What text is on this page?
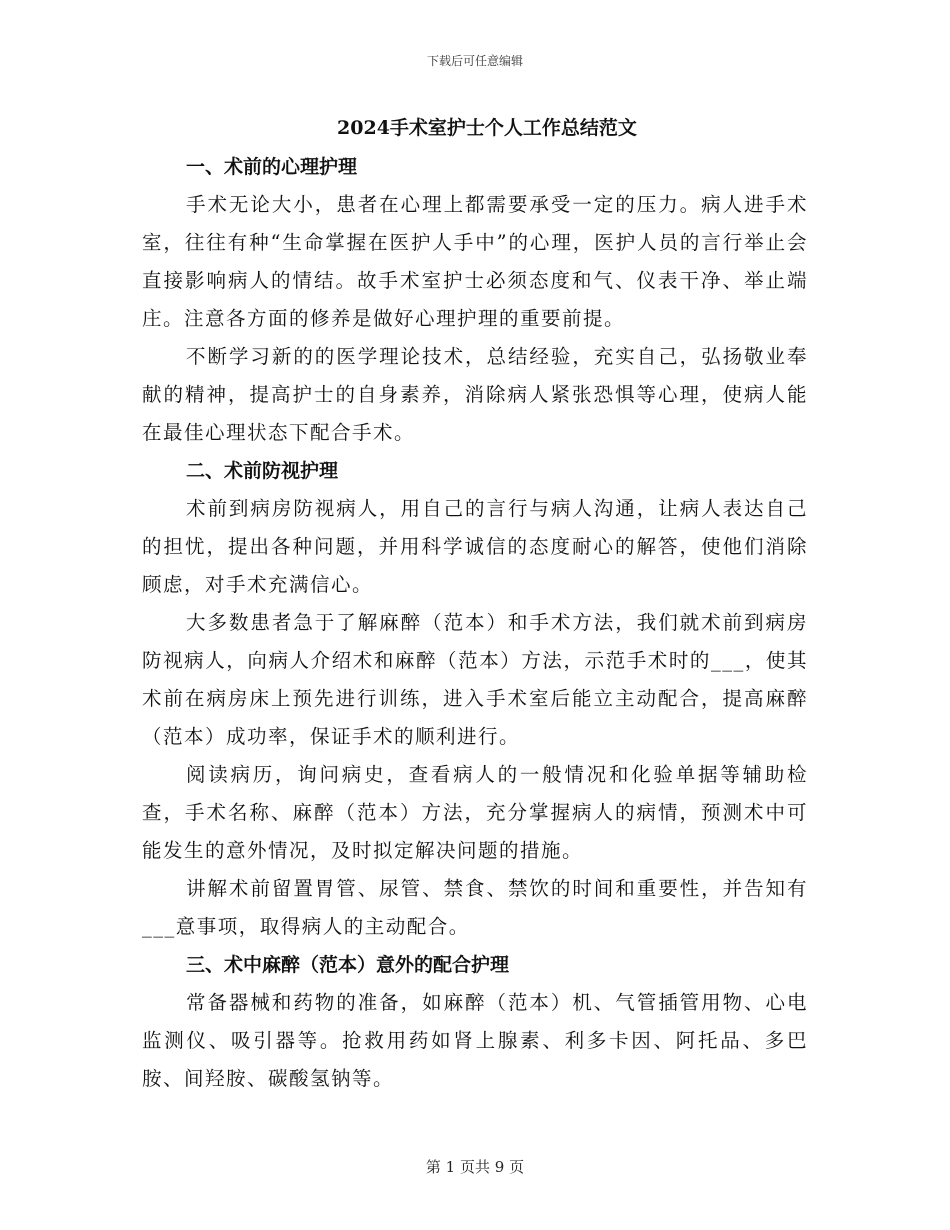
下载后可任意编辑
2024手术室护士个人工作总结范文
一、术前的心理护理

手术无论大小，患者在心理上都需要承受一定的压力。病人进手术室，往往有种“生命掌握在医护人手中”的心理，医护人员的言行举止会直接影响病人的情结。故手术室护士必须态度和气、仪表干净、举止端庄。注意各方面的修养是做好心理护理的重要前提。

不断学习新的的医学理论技术，总结经验，充实自己，弘扬敬业奉献的精神，提高护士的自身素养，消除病人紧张恐惧等心理，使病人能在最佳心理状态下配合手术。

二、术前防视护理

术前到病房防视病人，用自己的言行与病人沟通，让病人表达自己的担忧，提出各种问题，并用科学诚信的态度耐心的解答，使他们消除顾虑，对手术充满信心。

大多数患者急于了解麻醉（范本）和手术方法，我们就术前到病房防视病人，向病人介绍术和麻醉（范本）方法，示范手术时的___，使其术前在病房床上预先进行训练，进入手术室后能立主动配合，提高麻醉（范本）成功率，保证手术的顺利进行。

阅读病历，询问病史，查看病人的一般情况和化验单据等辅助检查，手术名称、麻醉（范本）方法，充分掌握病人的病情，预测术中可能发生的意外情况，及时拟定解决问题的措施。

讲解术前留置胃管、尿管、禁食、禁饮的时间和重要性，并告知有___意事项，取得病人的主动配合。

三、术中麻醉（范本）意外的配合护理

常备器械和药物的准备，如麻醉（范本）机、气管插管用物、心电监测仪、吸引器等。抢救用药如肾上腺素、利多卡因、阿托品、多巴胺、间羟胺、碳酸氢钠等。

第 1 页共 9 页
